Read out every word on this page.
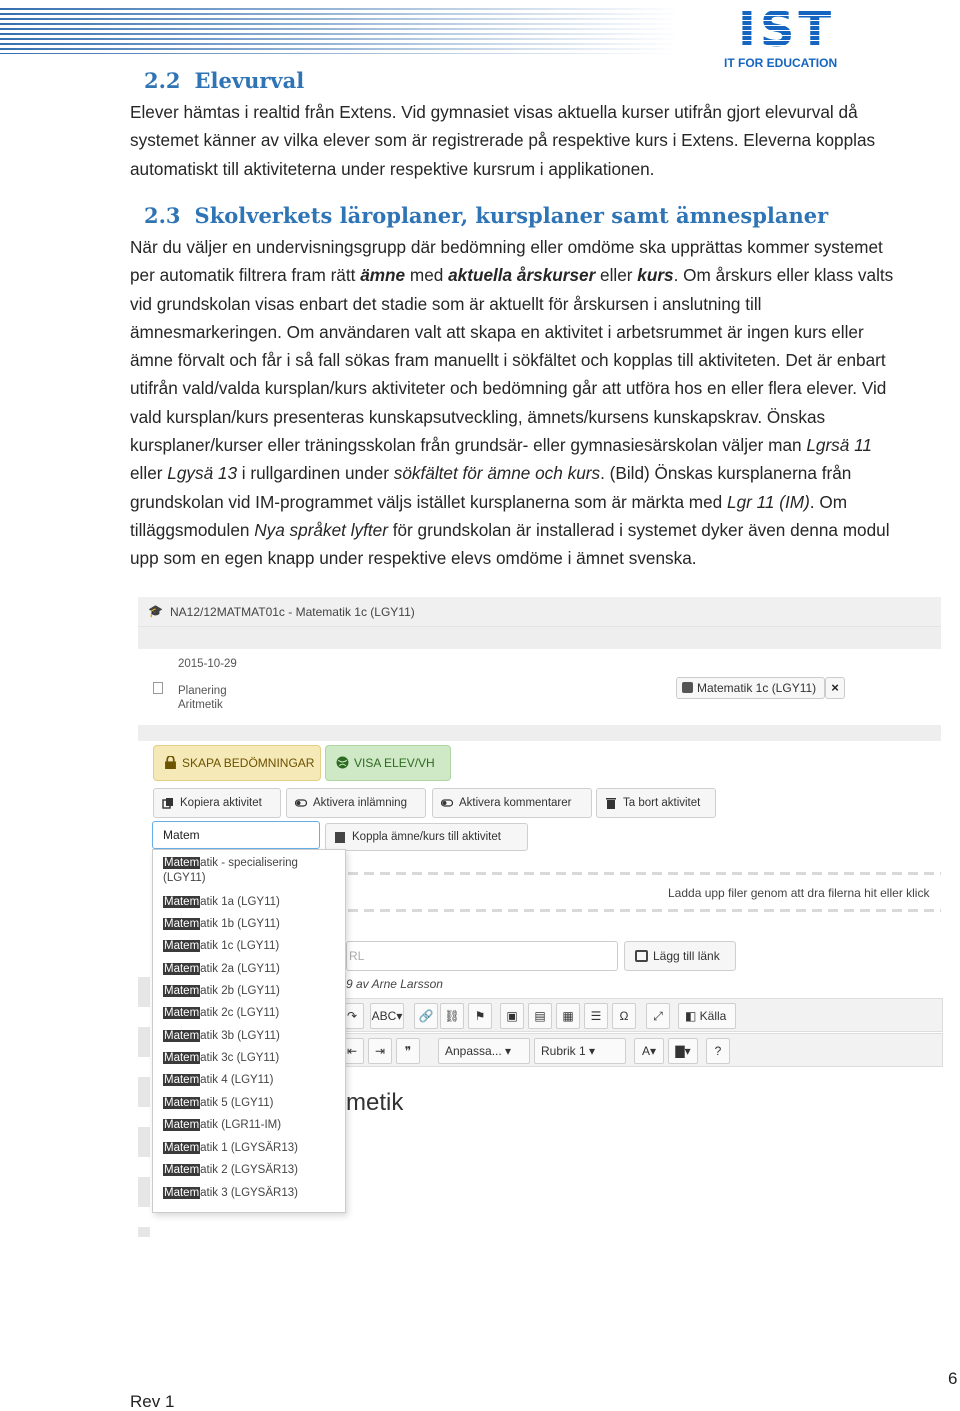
IST
IT FOR EDUCATION
2.2 Elevurval
Elever hämtas i realtid från Extens. Vid gymnasiet visas aktuella kurser utifrån gjort elevurval då
systemet känner av vilka elever som är registrerade på respektive kurs i Extens. Eleverna kopplas
automatiskt till aktiviteterna under respektive kursrum i applikationen.
2.3 Skolverkets läroplaner, kursplaner samt ämnesplaner
När du väljer en undervisningsgrupp där bedömning eller omdöme ska upprättas kommer systemet
per automatik filtrera fram rätt ämne med aktuella årskurser eller kurs. Om årskurs eller klass valts
vid grundskolan visas enbart det stadie som är aktuellt för årskursen i anslutning till
ämnesmarkeringen. Om användaren valt att skapa en aktivitet i arbetsrummet är ingen kurs eller
ämne förvalt och får i så fall sökas fram manuellt i sökfältet och kopplas till aktiviteten. Det är enbart
utifrån vald/valda kursplan/kurs aktiviteter och bedömning går att utföra hos en eller flera elever. Vid
vald kursplan/kurs presenteras kunskapsutveckling, ämnets/kursens kunskapskrav. Önskas
kursplaner/kurser eller träningsskolan från grundsär- eller gymnasiesärskolan väljer man Lgrsä 11
eller Lgysä 13 i rullgardinen under sökfältet för ämne och kurs. (Bild) Önskas kursplanerna från
grundskolan vid IM-programmet väljs istället kursplanerna som är märkta med Lgr 11 (IM). Om
tilläggsmodulen Nya språket lyfter för grundskolan är installerad i systemet dyker även denna modul
upp som en egen knapp under respektive elevs omdöme i ämnet svenska.
🎓 NA12/12MATMAT01c - Matematik 1c (LGY11)
2015-10-29
Planering
Aritmetik
Matematik 1c (LGY11)	×
SKAPA BEDÖMNINGAR	VISA ELEV/VH
Kopiera aktivitet	Aktivera inlämning	Aktivera kommentarer	Ta bort aktivitet
Ladda upp filer genom att dra filerna hit eller klick
RL	Lägg till länk
9 av Arne Larsson
↷	ABC▾	🔗 ⛓	⚑	▣	▤	▦	☰	Ω	⤢	◧ Källa
⇤	⇥	❞	Anpassa... ▾	Rubrik 1 ▾	A▾	▇▾	?
metik
Matem	Koppla ämne/kurs till aktivitet
Matematik - specialisering
(LGY11)
Matematik 1a (LGY11)
Matematik 1b (LGY11)
Matematik 1c (LGY11)
Matematik 2a (LGY11)
Matematik 2b (LGY11)
Matematik 2c (LGY11)
Matematik 3b (LGY11)
Matematik 3c (LGY11)
Matematik 4 (LGY11)
Matematik 5 (LGY11)
Matematik (LGR11-IM)
Matematik 1 (LGYSÄR13)
Matematik 2 (LGYSÄR13)
Matematik 3 (LGYSÄR13)
Rev 1
6
